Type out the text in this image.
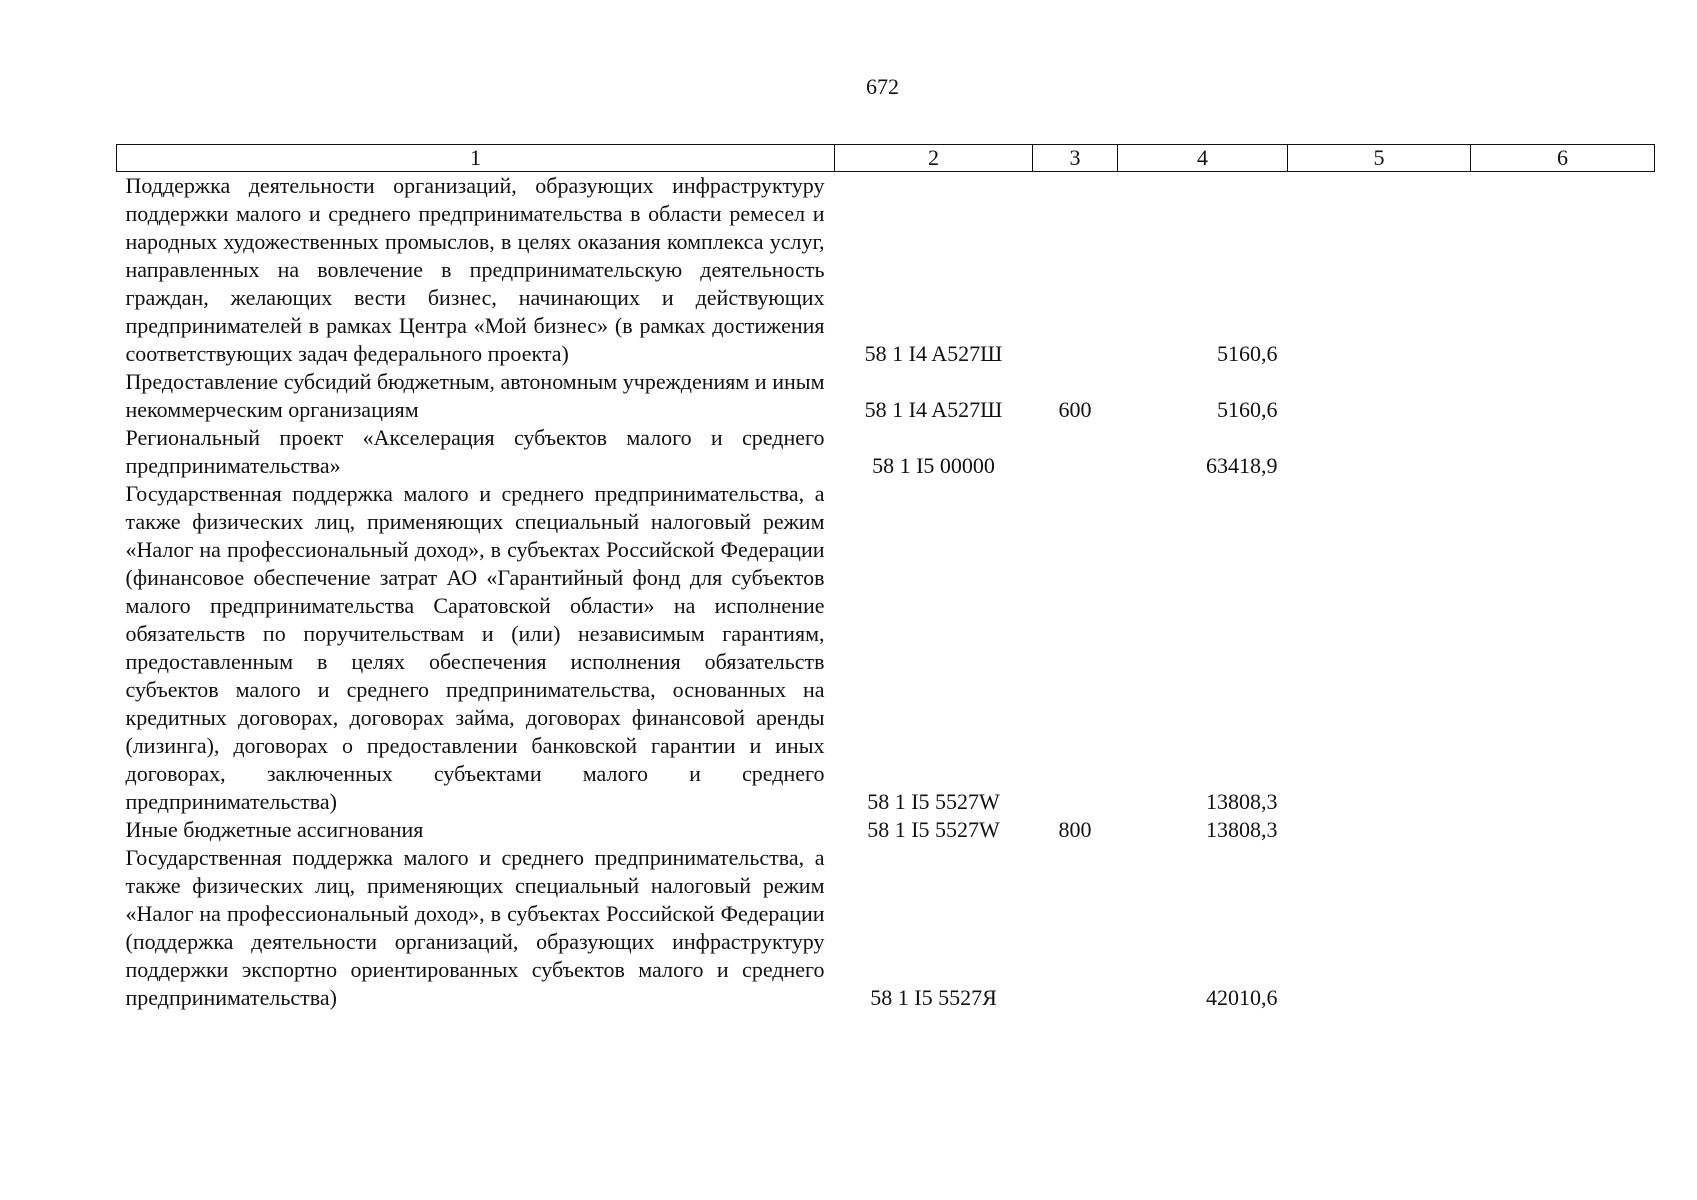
672
1	2	3	4	5	6
Поддержка деятельности организаций, образующих инфраструктуру поддержки малого и среднего предпринимательства в области ремесел и народных художественных промыслов, в целях оказания комплекса услуг, направленных на вовлечение в предпринимательскую деятельность граждан, желающих вести бизнес, начинающих и действующих предпринимателей в рамках Центра «Мой бизнес» (в рамках достижения соответствующих задач федерального проекта)	58 1 I4 A527Ш		5160,6		
Предоставление субсидий бюджетным, автономным учреждениям и иным некоммерческим организациям	58 1 I4 A527Ш	600	5160,6		
Региональный проект «Акселерация субъектов малого и среднего предпринимательства»	58 1 I5 00000		63418,9		
Государственная поддержка малого и среднего предпринимательства, а также физических лиц, применяющих специальный налоговый режим «Налог на профессиональный доход», в субъектах Российской Федерации (финансовое обеспечение затрат АО «Гарантийный фонд для субъектов малого предпринимательства Саратовской области» на исполнение обязательств по поручительствам и (или) независимым гарантиям, предоставленным в целях обеспечения исполнения обязательств субъектов малого и среднего предпринимательства, основанных на кредитных договорах, договорах займа, договорах финансовой аренды (лизинга), договорах о предоставлении банковской гарантии и иных договорах, заключенных субъектами малого и среднего предпринимательства)	58 1 I5 5527W		13808,3		
Иные бюджетные ассигнования	58 1 I5 5527W	800	13808,3		
Государственная поддержка малого и среднего предпринимательства, а также физических лиц, применяющих специальный налоговый режим «Налог на профессиональный доход», в субъектах Российской Федерации (поддержка деятельности организаций, образующих инфраструктуру поддержки экспортно ориентированных субъектов малого и среднего предпринимательства)	58 1 I5 5527Я		42010,6		
